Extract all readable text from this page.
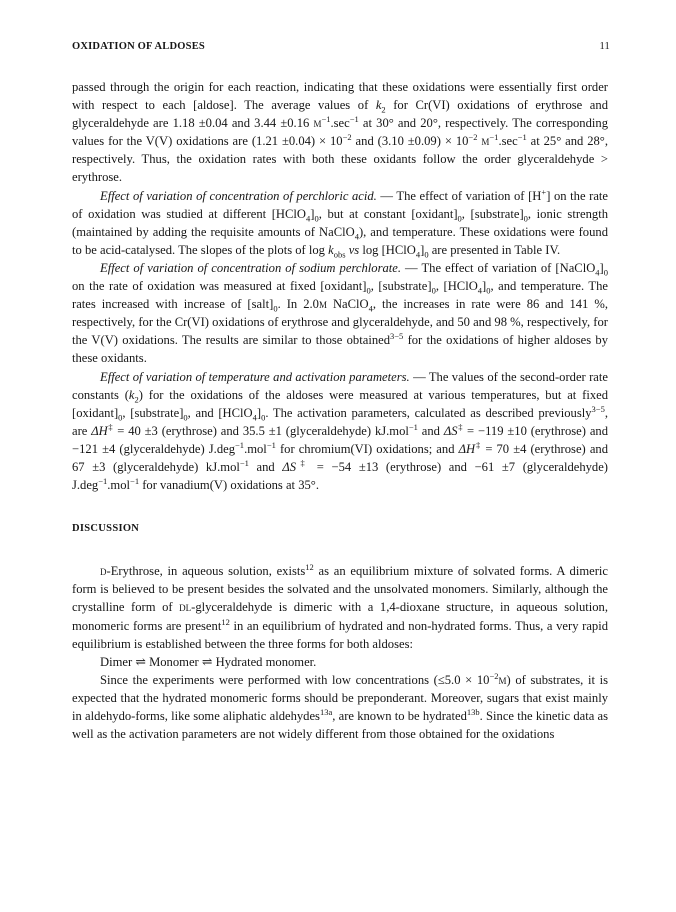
OXIDATION OF ALDOSES	11

passed through the origin for each reaction, indicating that these oxidations were essentially first order with respect to each [aldose]. The average values of $k_2$ for Cr(VI) oxidations of erythrose and glyceraldehyde are 1.18 ±0.04 and 3.44 ±0.16 $m^{-1}.\sec^{-1}$ at 30° and 20°, respectively. The corresponding values for the V(V) oxidations are $(1.21 \pm 0.04) \times 10^{-2}$ and $(3.10 \pm 0.09) \times 10^{-2}$ $m^{-1}.\sec^{-1}$ at 25° and 28°, respectively. Thus, the oxidation rates with both these oxidants follow the order glyceraldehyde > erythrose.

Effect of variation of concentration of perchloric acid. — The effect of variation of [H+] on the rate of oxidation was studied at different $[HClO_4]_0$, but at constant $[oxidant]_0$, $[substrate]_0$, ionic strength (maintained by adding the requisite amounts of NaClO$_4$), and temperature. These oxidations were found to be acid-catalysed. The slopes of the plots of $\log k_{obs}$ vs $\log [HClO_4]_0$ are presented in Table IV.

Effect of variation of concentration of sodium perchlorate. — The effect of variation of $[NaClO_4]_0$ on the rate of oxidation was measured at fixed $[oxidant]_0$, $[substrate]_0$, $[HClO_4]_0$, and temperature. The rates increased with increase of $[salt]_0$. In 2.0m NaClO$_4$, the increases in rate were 86 and 141 %, respectively, for the Cr(VI) oxidations of erythrose and glyceraldehyde, and 50 and 98 %, respectively, for the V(V) oxidations. The results are similar to those obtained$^{3-5}$ for the oxidations of higher aldoses by these oxidants.

Effect of variation of temperature and activation parameters. — The values of the second-order rate constants $(k_2)$ for the oxidations of the aldoses were measured at various temperatures, but at fixed $[oxidant]_0$, $[substrate]_0$, and $[HClO_4]_0$. The activation parameters, calculated as described previously$^{3-5}$, are ΔH‡ = 40 ±3 (erythrose) and 35.5 ±1 (glyceraldehyde) kJ.mol$^{-1}$ and ΔS‡ = −119 ±10 (erythrose) and −121 ±4 (glyceraldehyde) J.deg$^{-1}$.mol$^{-1}$ for chromium(VI) oxidations; and ΔH‡ = 70 ±4 (erythrose) and 67 ±3 (glyceraldehyde) kJ.mol$^{-1}$ and ΔS‡ = −54 ±13 (erythrose) and −61 ±7 (glyceraldehyde) J.deg$^{-1}$.mol$^{-1}$ for vanadium(V) oxidations at 35°.

DISCUSSION

d-Erythrose, in aqueous solution, exists$^{12}$ as an equilibrium mixture of solvated forms. A dimeric form is believed to be present besides the solvated and the unsolvated monomers. Similarly, although the crystalline form of dl-glyceraldehyde is dimeric with a 1,4-dioxane structure, in aqueous solution, monomeric forms are present$^{12}$ in an equilibrium of hydrated and non-hydrated forms. Thus, a very rapid equilibrium is established between the three forms for both aldoses:

Dimer ⇌ Monomer ⇌ Hydrated monomer.

Since the experiments were performed with low concentrations $(\le 5.0 \times 10^{-2}m)$ of substrates, it is expected that the hydrated monomeric forms should be preponderant. Moreover, sugars that exist mainly in aldehydo-forms, like some aliphatic aldehydes$^{13a}$, are known to be hydrated$^{13b}$. Since the kinetic data as well as the activation parameters are not widely different from those obtained for the oxidations
